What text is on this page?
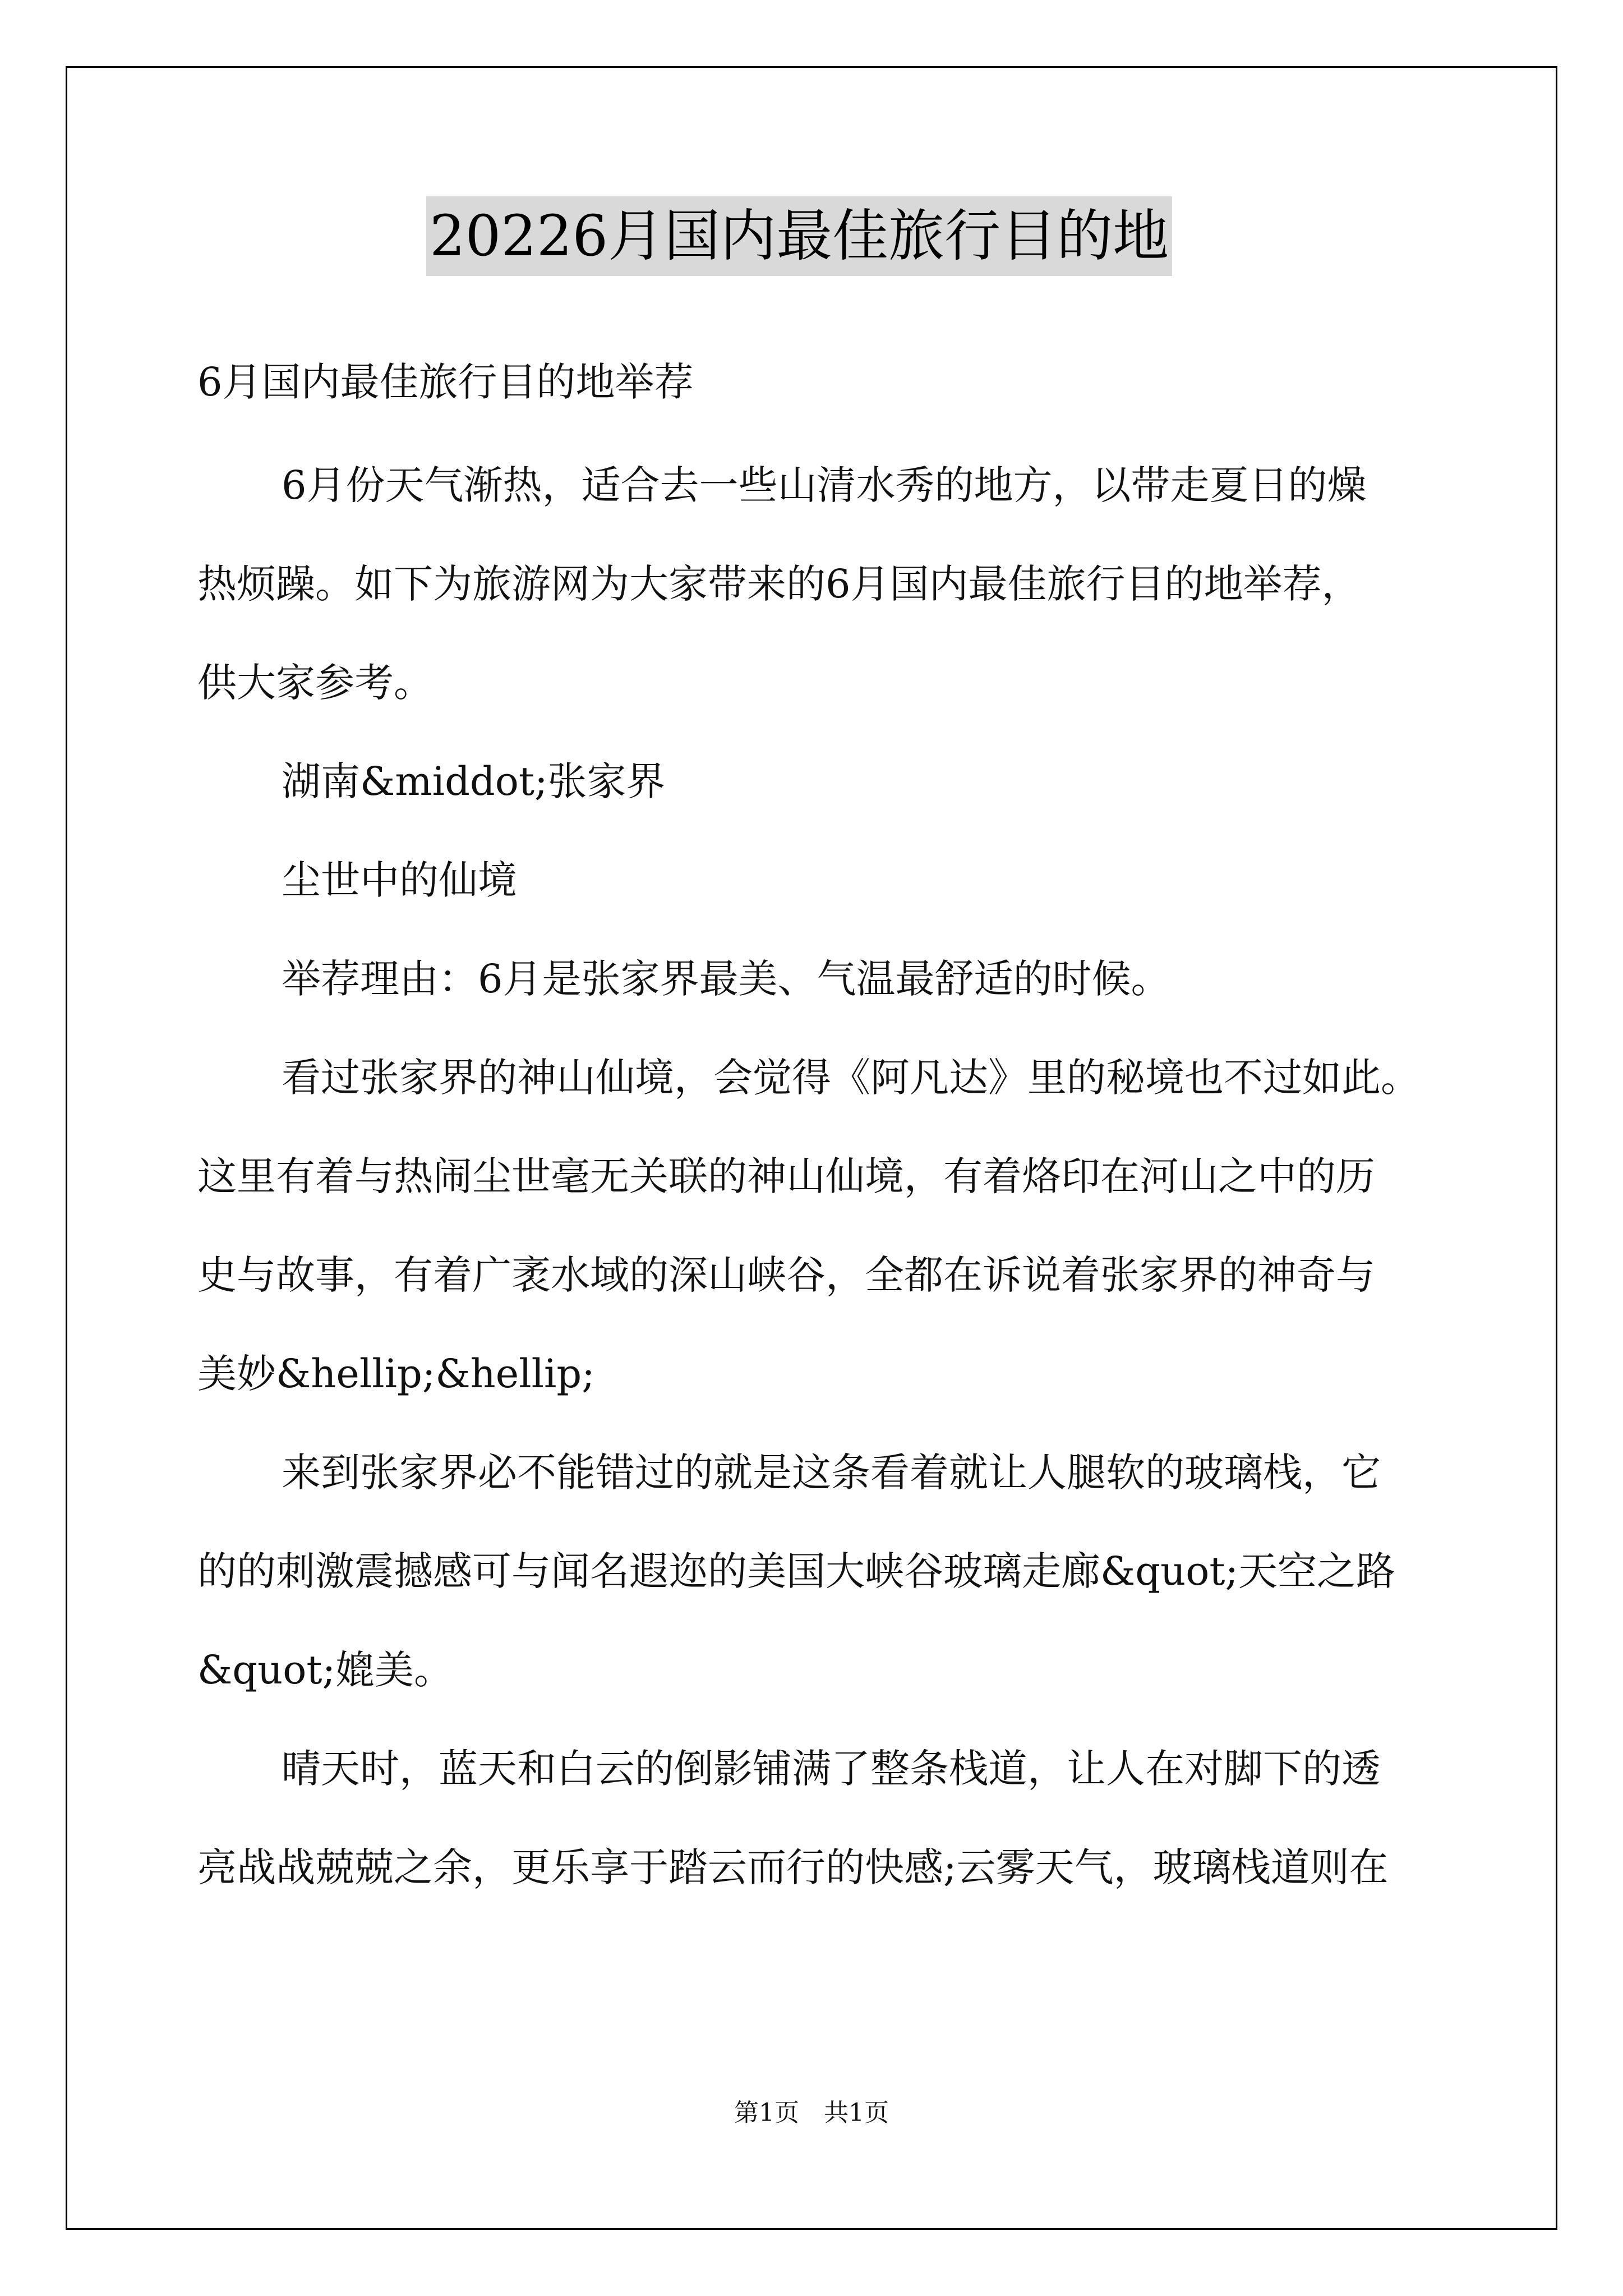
20226月国内最佳旅行目的地
6月国内最佳旅行目的地举荐
6月份天气渐热，适合去一些山清水秀的地方，以带走夏日的燥
热烦躁。如下为旅游网为大家带来的6月国内最佳旅行目的地举荐，
供大家参考。
湖南&middot;张家界
尘世中的仙境
举荐理由：6月是张家界最美、气温最舒适的时候。
看过张家界的神山仙境，会觉得《阿凡达》里的秘境也不过如此。
这里有着与热闹尘世毫无关联的神山仙境，有着烙印在河山之中的历
史与故事，有着广袤水域的深山峡谷，全都在诉说着张家界的神奇与
美妙&hellip;&hellip;
来到张家界必不能错过的就是这条看着就让人腿软的玻璃栈，它
的的刺激震撼感可与闻名遐迩的美国大峡谷玻璃走廊&quot;天空之路
&quot;媲美。
晴天时，蓝天和白云的倒影铺满了整条栈道，让人在对脚下的透
亮战战兢兢之余，更乐享于踏云而行的快感;云雾天气，玻璃栈道则在
第1页　共1页
